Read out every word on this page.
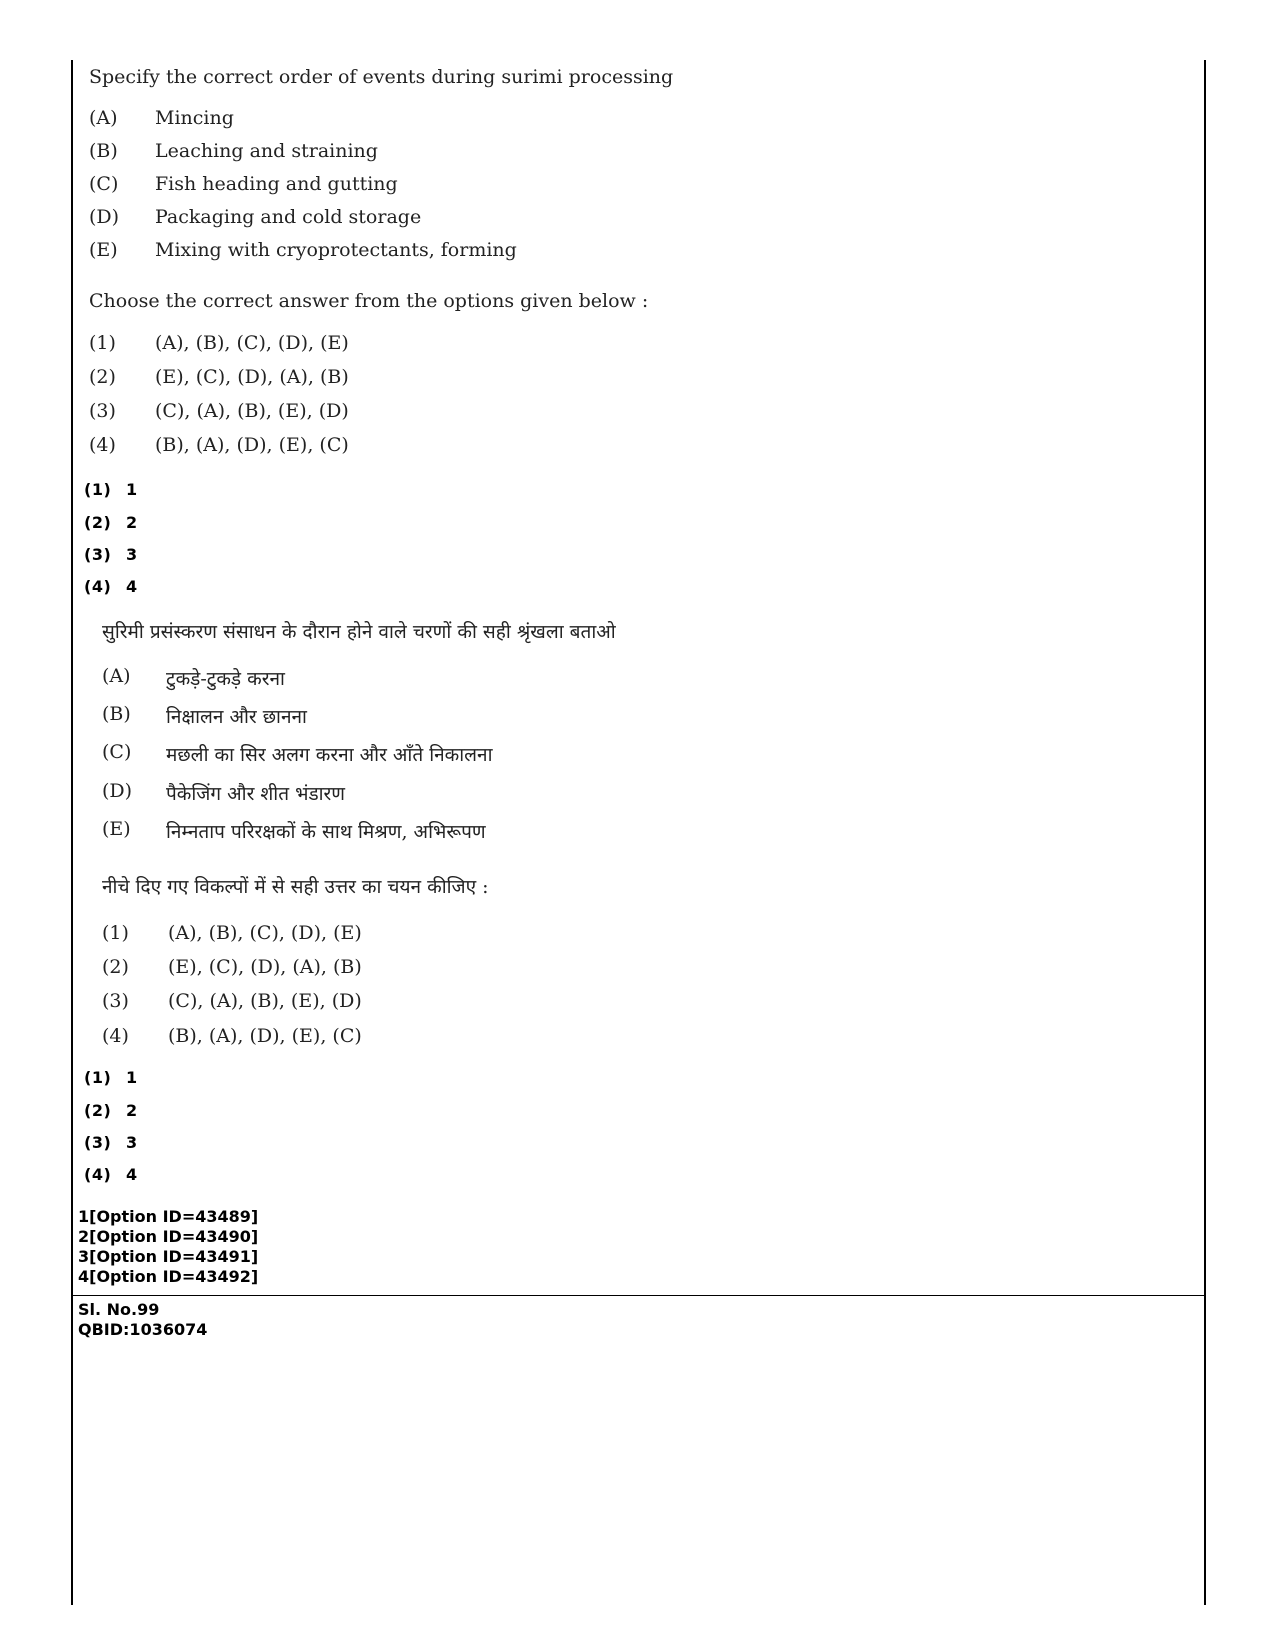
Specify the correct order of events during surimi processing
(A) Mincing
(B) Leaching and straining
(C) Fish heading and gutting
(D) Packaging and cold storage
(E) Mixing with cryoprotectants, forming
Choose the correct answer from the options given below :
(1) (A), (B), (C), (D), (E)
(2) (E), (C), (D), (A), (B)
(3) (C), (A), (B), (E), (D)
(4) (B), (A), (D), (E), (C)
(1) 1
(2) 2
(3) 3
(4) 4
सुरिमी प्रसंस्करण संसाधन के दौरान होने वाले चरणों की सही श्रृंखला बताओ
(A) टुकड़े-टुकड़े करना
(B) निक्षालन और छानना
(C) मछली का सिर अलग करना और आँते निकालना
(D) पैकेजिंग और शीत भंडारण
(E) निम्नताप परिरक्षकों के साथ मिश्रण, अभिरूपण
नीचे दिए गए विकल्पों में से सही उत्तर का चयन कीजिए :
(1) (A), (B), (C), (D), (E)
(2) (E), (C), (D), (A), (B)
(3) (C), (A), (B), (E), (D)
(4) (B), (A), (D), (E), (C)
(1) 1
(2) 2
(3) 3
(4) 4
1[Option ID=43489]
2[Option ID=43490]
3[Option ID=43491]
4[Option ID=43492]
Sl. No.99
QBID:1036074
